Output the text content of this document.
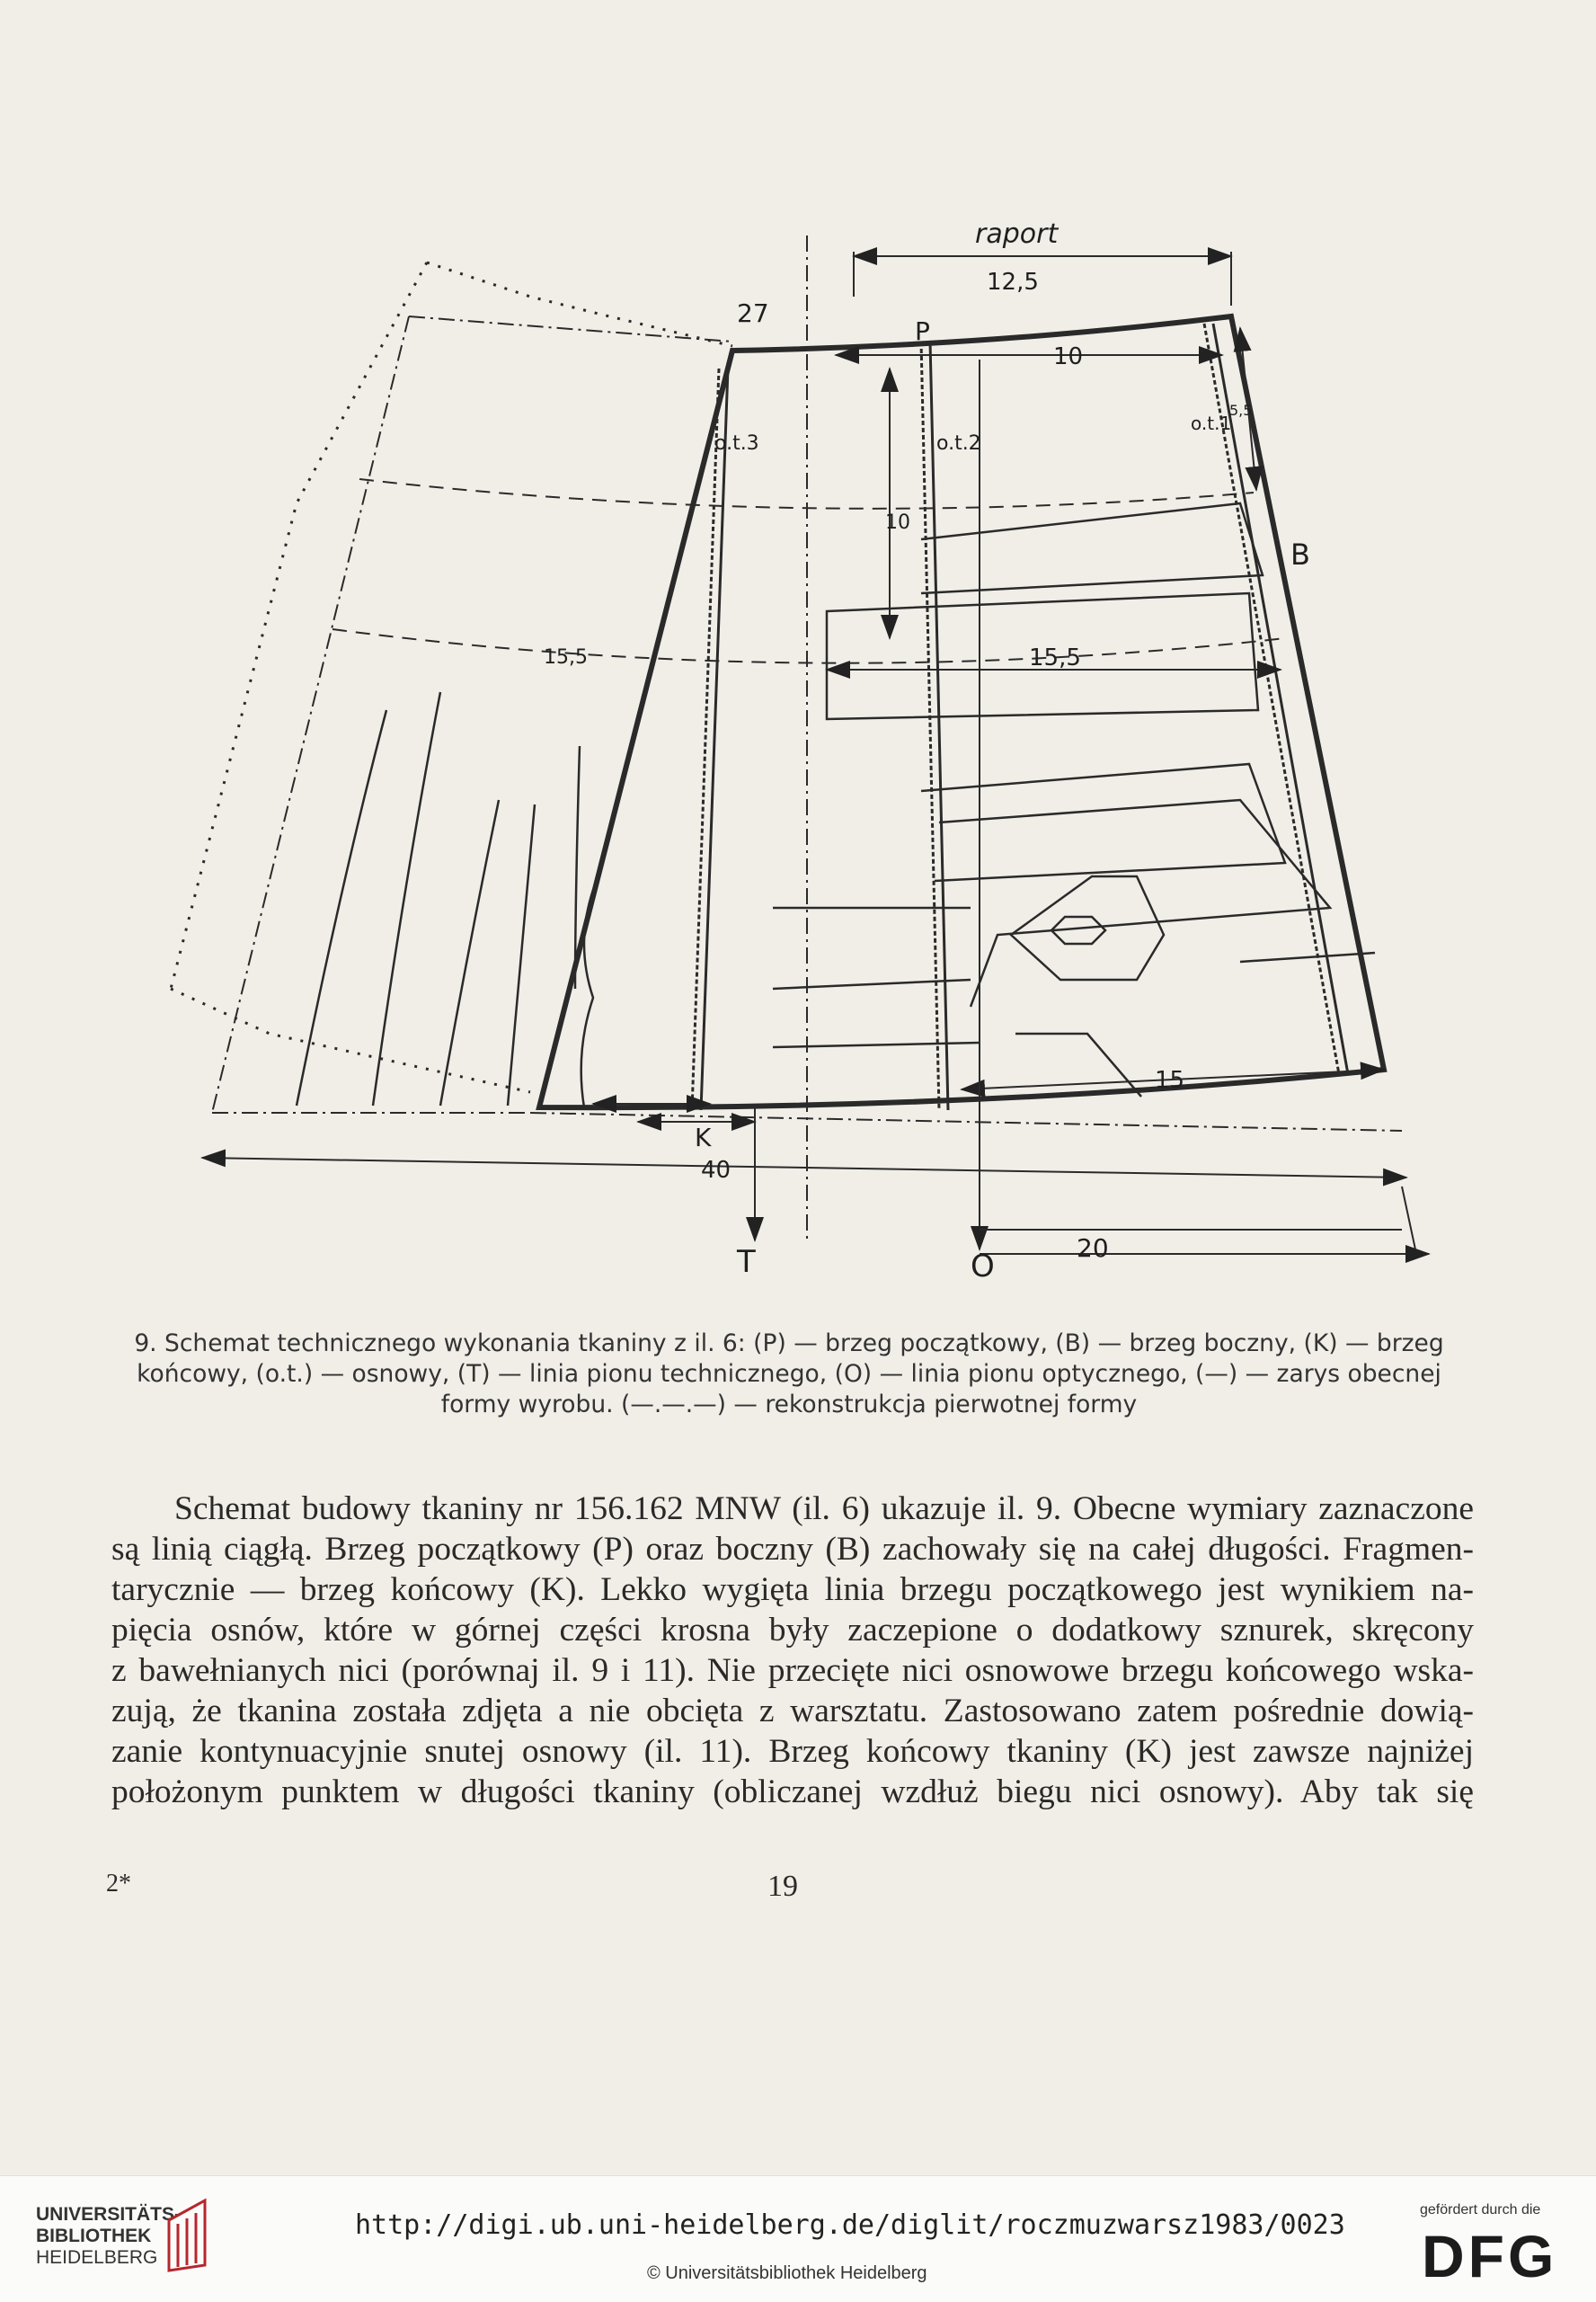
raport
12,5
27
P
10
o.t.1
5,5
o.t.2
o.t.3
B
15,5	15,5
10
15
K
40
T	O
20
9. Schemat technicznego wykonania tkaniny z il. 6: (P) — brzeg początkowy, (B) — brzeg boczny, (K) — brzeg
końcowy, (o.t.) — osnowy, (T) — linia pionu technicznego, (O) — linia pionu optycznego, (—) — zarys obecnej
formy wyrobu. (—.—.—) — rekonstrukcja pierwotnej formy
Schemat budowy tkaniny nr 156.162 MNW (il. 6) ukazuje il. 9. Obecne wymiary zaznaczone
są linią ciągłą. Brzeg początkowy (P) oraz boczny (B) zachowały się na całej długości. Fragmen-
tarycznie — brzeg końcowy (K). Lekko wygięta linia brzegu początkowego jest wynikiem na-
pięcia osnów, które w górnej części krosna były zaczepione o dodatkowy sznurek, skręcony
z bawełnianych nici (porównaj il. 9 i 11). Nie przecięte nici osnowowe brzegu końcowego wska-
zują, że tkanina została zdjęta a nie obcięta z warsztatu. Zastosowano zatem pośrednie dowią-
zanie kontynuacyjnie snutej osnowy (il. 11). Brzeg końcowy tkaniny (K) jest zawsze najniżej
położonym punktem w długości tkaniny (obliczanej wzdłuż biegu nici osnowy). Aby tak się
2*	19
UNIVERSITÄTS-
BIBLIOTHEK
HEIDELBERG
http://digi.ub.uni-heidelberg.de/diglit/roczmuzwarsz1983/0023
© Universitätsbibliothek Heidelberg
gefördert durch die
DFG
